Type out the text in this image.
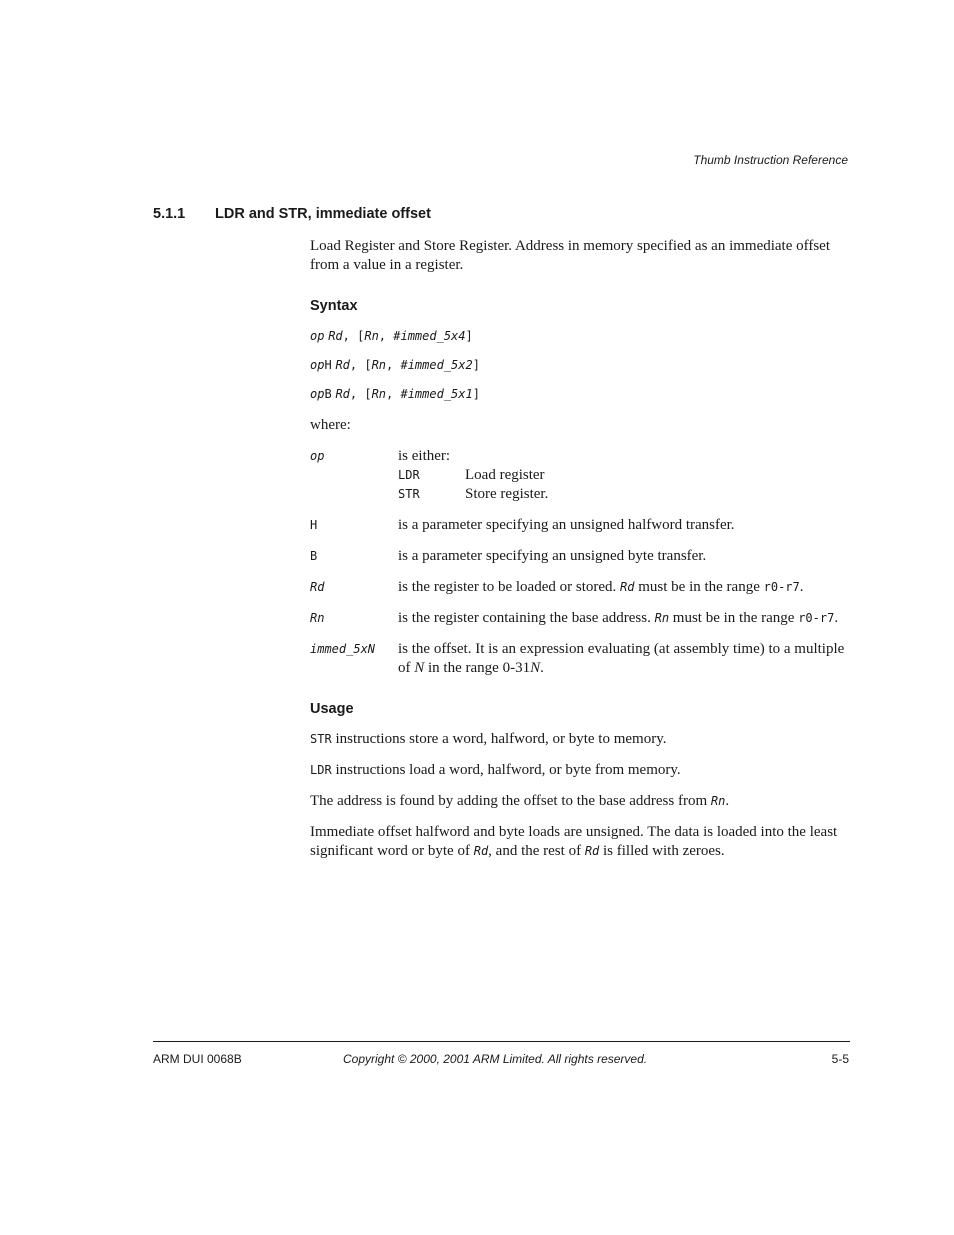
Thumb Instruction Reference
5.1.1 LDR and STR, immediate offset

Load Register and Store Register. Address in memory specified as an immediate offset from a value in a register.

Syntax
op Rd, [Rn, #immed_5x4]
opH Rd, [Rn, #immed_5x2]
opB Rd, [Rn, #immed_5x1]

where:

op	is either:
LDR	Load register
STR	Store register.
H	is a parameter specifying an unsigned halfword transfer.
B	is a parameter specifying an unsigned byte transfer.
Rd	is the register to be loaded or stored. Rd must be in the range r0-r7.
Rn	is the register containing the base address. Rn must be in the range r0-r7.
immed_5xN	is the offset. It is an expression evaluating (at assembly time) to a multiple of N in the range 0-31N.
Usage

STR instructions store a word, halfword, or byte to memory.

LDR instructions load a word, halfword, or byte from memory.

The address is found by adding the offset to the base address from Rn.

Immediate offset halfword and byte loads are unsigned. The data is loaded into the least significant word or byte of Rd, and the rest of Rd is filled with zeroes.

ARM DUI 0068B	Copyright © 2000, 2001 ARM Limited. All rights reserved.	5-5
